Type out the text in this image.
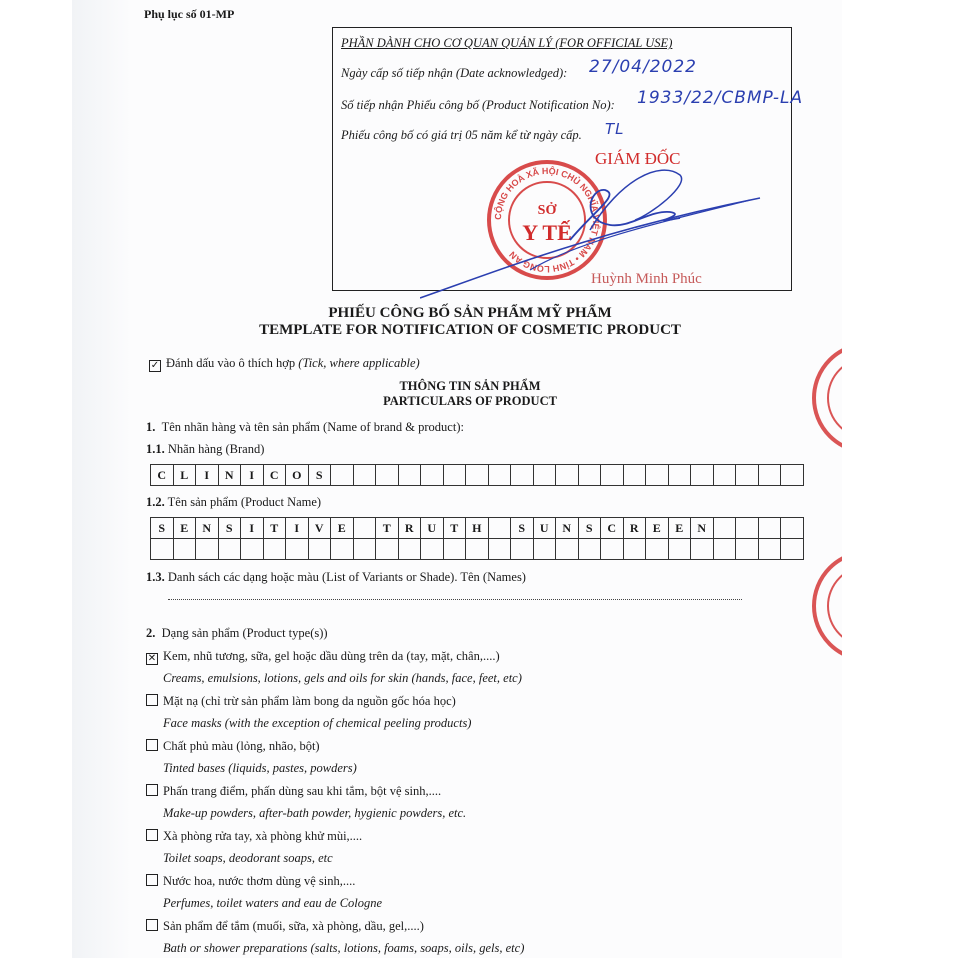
Phụ lục số 01-MP
PHẦN DÀNH CHO CƠ QUAN QUẢN LÝ (FOR OFFICIAL USE)
Ngày cấp số tiếp nhận (Date acknowledged): 27/04/2022
Số tiếp nhận Phiếu công bố (Product Notification No): 1933/22/CBMP-LA
Phiếu công bố có giá trị 05 năm kể từ ngày cấp. TL
GIÁM ĐỐC
Huỳnh Minh Phúc
CỘNG HOÀ XÃ HỘI CHỦ NGHĨA VIỆT NAM • TỈNH LONG AN
SỞ
Y TẾ
PHIẾU CÔNG BỐ SẢN PHẨM MỸ PHẨM
TEMPLATE FOR NOTIFICATION OF COSMETIC PRODUCT
✓ Đánh dấu vào ô thích hợp (Tick, where applicable)
THÔNG TIN SẢN PHẨM
PARTICULARS OF PRODUCT
1. Tên nhãn hàng và tên sản phẩm (Name of brand & product):
1.1. Nhãn hàng (Brand)
C	L	I	N	I	C	O	S																					
1.2. Tên sản phẩm (Product Name)
S	E	N	S	I	T	I	V	E		T	R	U	T	H		S	U	N	S	C	R	E	E	N				

1.3. Danh sách các dạng hoặc màu (List of Variants or Shade). Tên (Names)
2. Dạng sản phẩm (Product type(s))
✕ Kem, nhũ tương, sữa, gel hoặc dầu dùng trên da (tay, mặt, chân,....)
Creams, emulsions, lotions, gels and oils for skin (hands, face, feet, etc)
Mặt nạ (chỉ trừ sản phẩm làm bong da nguồn gốc hóa học)
Face masks (with the exception of chemical peeling products)
Chất phủ màu (lỏng, nhão, bột)
Tinted bases (liquids, pastes, powders)
Phấn trang điểm, phấn dùng sau khi tắm, bột vệ sinh,....
Make-up powders, after-bath powder, hygienic powders, etc.
Xà phòng rửa tay, xà phòng khử mùi,....
Toilet soaps, deodorant soaps, etc
Nước hoa, nước thơm dùng vệ sinh,....
Perfumes, toilet waters and eau de Cologne
Sản phẩm để tắm (muối, sữa, xà phòng, dầu, gel,....)
Bath or shower preparations (salts, lotions, foams, soaps, oils, gels, etc)
